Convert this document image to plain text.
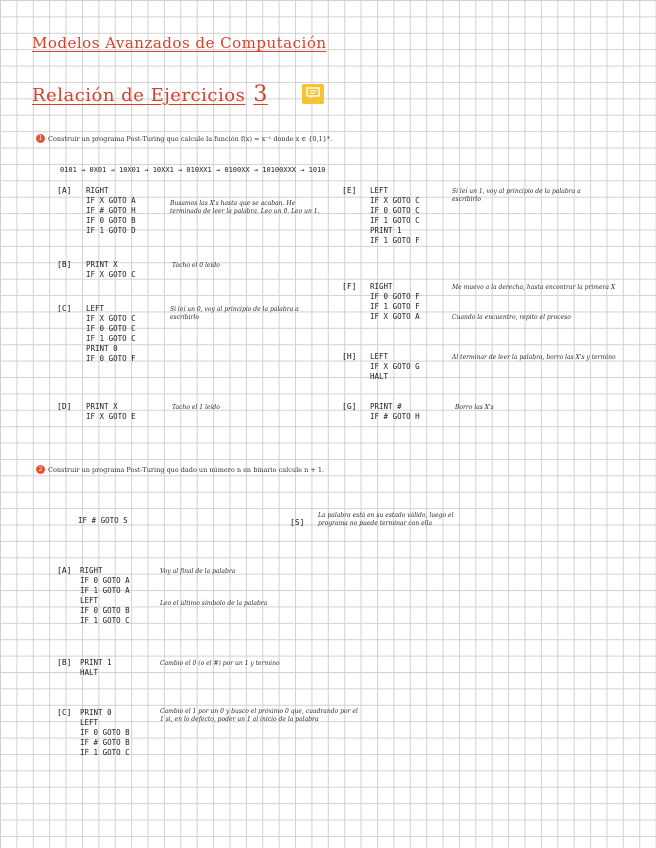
Modelos Avanzados de Computación
Relación de Ejercicios 3
1 Construir un programa Post-Turing que calcule la función f(x) = x⁻¹ donde x ∈ {0,1}*.
0101 → 0X01 → 10X01 → 10XX1 → 010XX1 → 0100XX → 10100XXX → 1010
[A] RIGHT
IF X GOTO A
IF # GOTO H
IF 0 GOTO B
IF 1 GOTO D
Busamos las X's hasta que se acaban. He terminado de leer la palabra. Leo un 0. Leo un 1.
[B] PRINT X
IF X GOTO C
Tacho el 0 leído
[C] LEFT
IF X GOTO C
IF 0 GOTO C
IF 1 GOTO C
PRINT 0
IF 0 GOTO F
Si leí un 0, voy al principio de la palabra a escribirlo
[D] PRINT X
IF X GOTO E
Tacho el 1 leído
[E] LEFT
IF X GOTO C
IF 0 GOTO C
IF 1 GOTO C
PRINT 1
IF 1 GOTO F
Si leí un 1, voy al principio de la palabra a escribirlo
[F] RIGHT
IF 0 GOTO F
IF 1 GOTO F
IF X GOTO A
Me muevo a la derecha, hasta encontrar la primera X
Cuando la encuentro, repito el proceso
[H] LEFT
IF X GOTO G
HALT
Al terminar de leer la palabra, borro las X's y termino
[G] PRINT #
IF # GOTO H
Borro las X's
2 Construir un programa Post-Turing que dado un número n en binario calcule n + 1.
IF # GOTO S	[S]
La palabra está en su estado válido, luego el programa no puede terminar con ella
[A] RIGHT
IF 0 GOTO A
IF 1 GOTO A
LEFT
IF 0 GOTO B
IF 1 GOTO C
Voy al final de la palabra
Leo el último símbolo de la palabra
[B] PRINT 1
HALT
Cambio el 0 (o el #) por un 1 y termino
[C] PRINT 0
LEFT
IF 0 GOTO B
IF # GOTO B
IF 1 GOTO C
Cambio el 1 por un 0 y busco el próximo 0 que, cuadrando por el 1 si, en lo defecto, poder un 1 al inicio de la palabra
